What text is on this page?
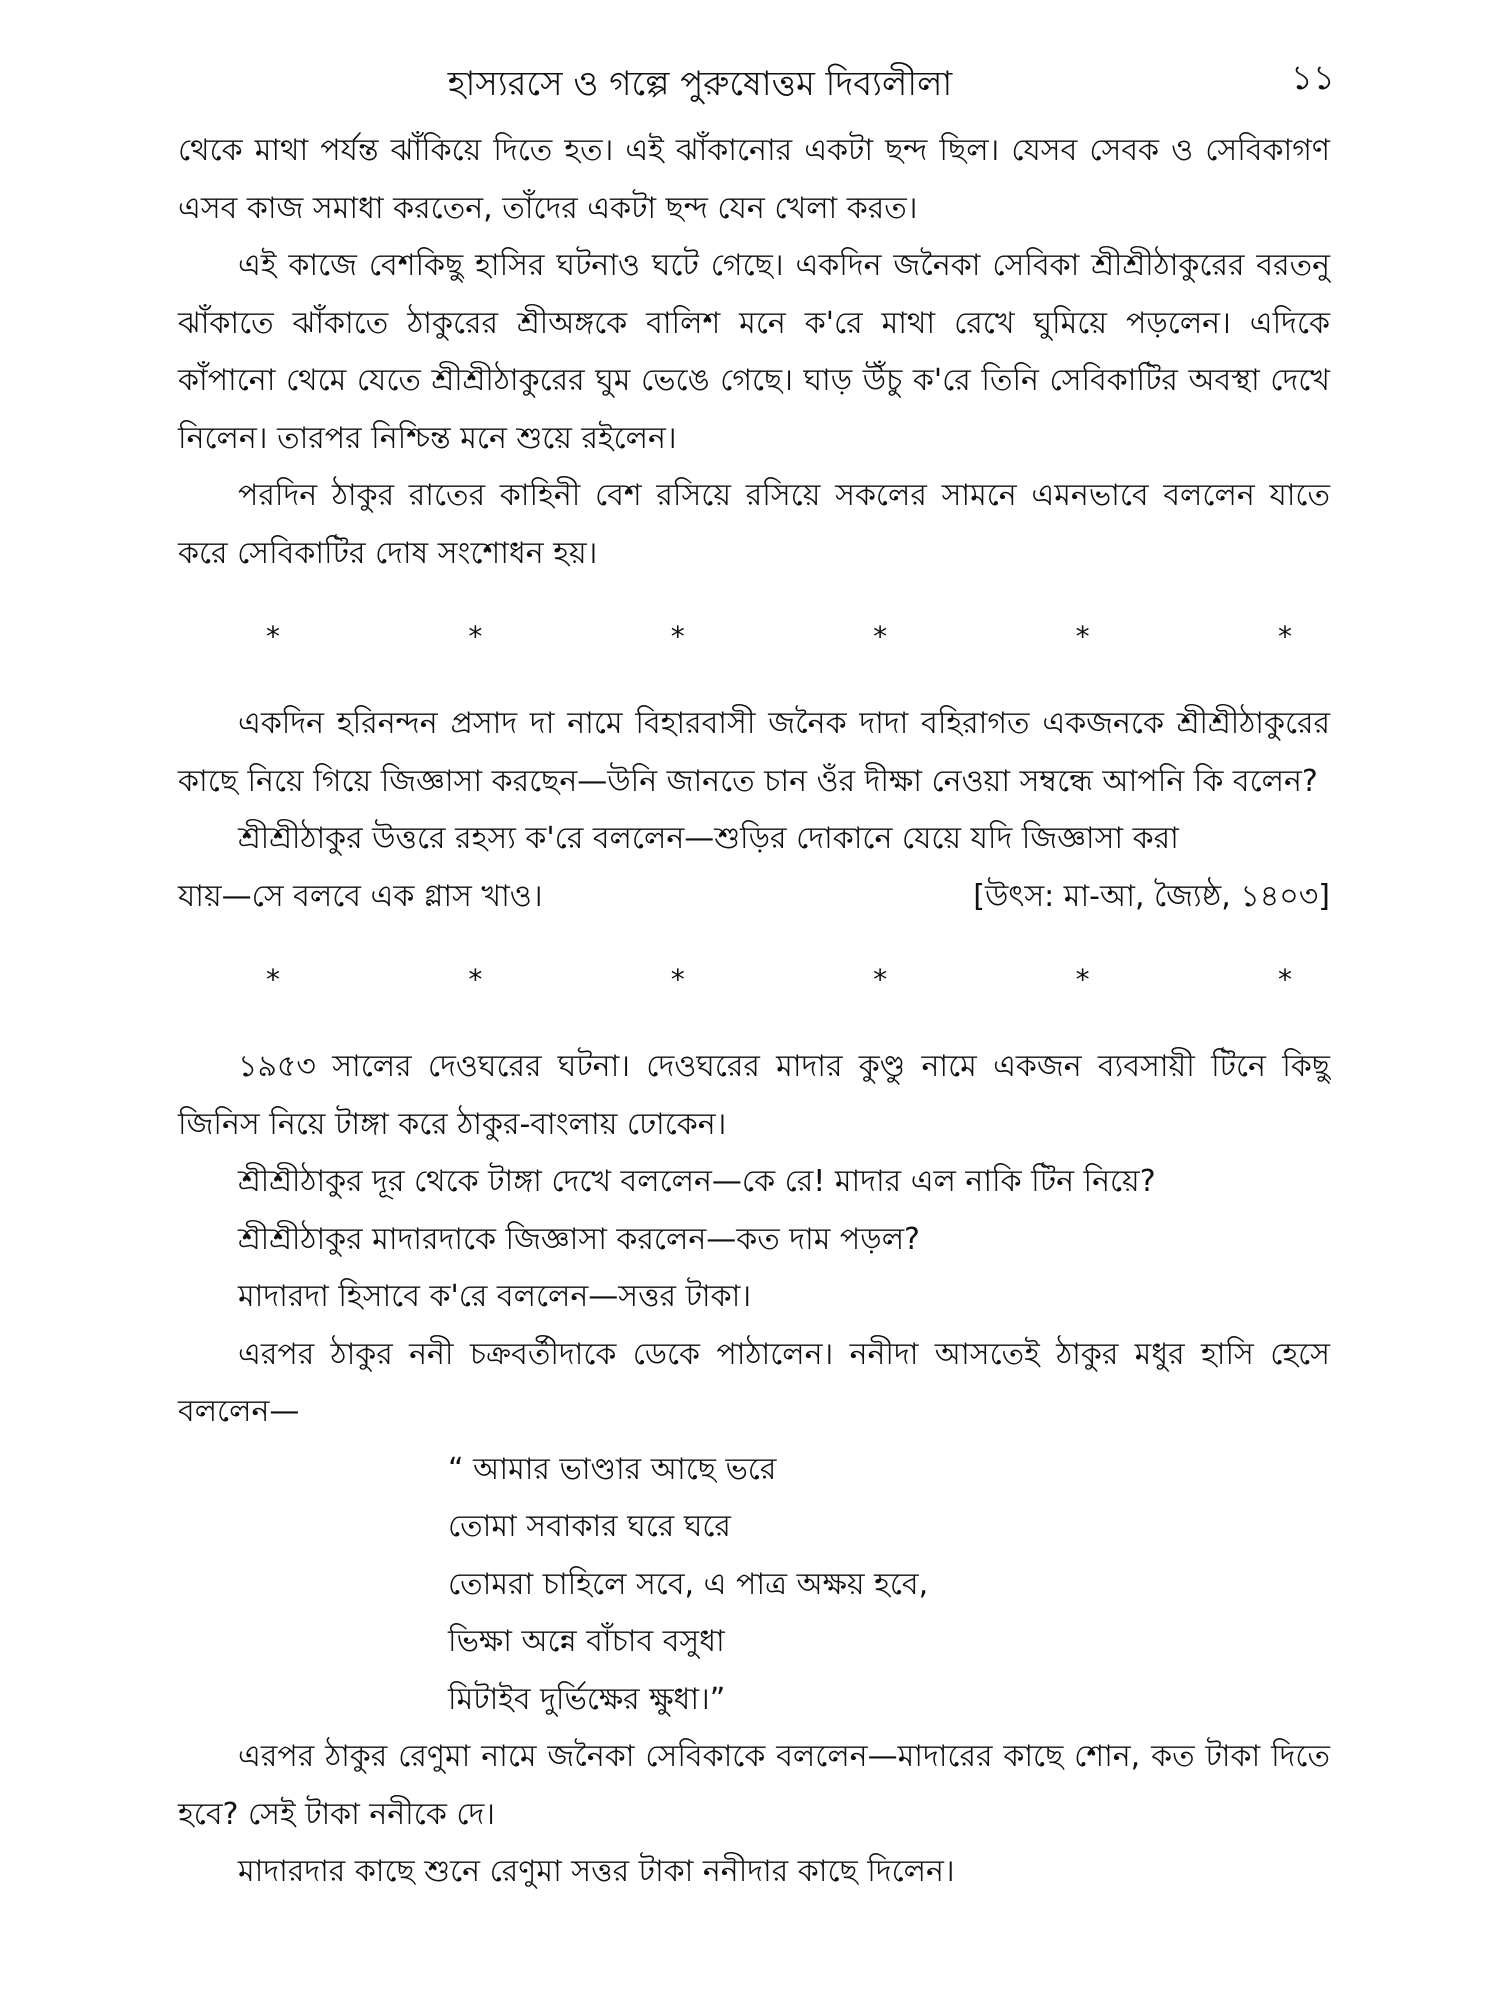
হাস্যরসে ও গল্পে পুরুষোত্তম দিব্যলীলা	১১

থেকে মাথা পর্যন্ত ঝাঁকিয়ে দিতে হত। এই ঝাঁকানোর একটা ছন্দ ছিল। যেসব সেবক ও সেবিকাগণ এসব কাজ সমাধা করতেন, তাঁদের একটা ছন্দ যেন খেলা করত।

এই কাজে বেশকিছু হাসির ঘটনাও ঘটে গেছে। একদিন জনৈকা সেবিকা শ্রীশ্রীঠাকুরের বরতনু ঝাঁকাতে ঝাঁকাতে ঠাকুরের শ্রীঅঙ্গকে বালিশ মনে ক'রে মাথা রেখে ঘুমিয়ে পড়লেন। এদিকে কাঁপানো থেমে যেতে শ্রীশ্রীঠাকুরের ঘুম ভেঙে গেছে। ঘাড় উঁচু ক'রে তিনি সেবিকাটির অবস্থা দেখে নিলেন। তারপর নিশ্চিন্ত মনে শুয়ে রইলেন।

পরদিন ঠাকুর রাতের কাহিনী বেশ রসিয়ে রসিয়ে সকলের সামনে এমনভাবে বললেন যাতে করে সেবিকাটির দোষ সংশোধন হয়।

*	*	*	*	*	*

একদিন হরিনন্দন প্রসাদ দা নামে বিহারবাসী জনৈক দাদা বহিরাগত একজনকে শ্রীশ্রীঠাকুরের কাছে নিয়ে গিয়ে জিজ্ঞাসা করছেন—উনি জানতে চান ওঁর দীক্ষা নেওয়া সম্বন্ধে আপনি কি বলেন?

শ্রীশ্রীঠাকুর উত্তরে রহস্য ক'রে বললেন—শুড়ির দোকানে যেয়ে যদি জিজ্ঞাসা করা

যায়—সে বলবে এক গ্লাস খাও।	[উৎস: মা-আ, জ্যৈষ্ঠ, ১৪০৩]
*	*	*	*	*	*

১৯৫৩ সালের দেওঘরের ঘটনা। দেওঘরের মাদার কুণ্ডু নামে একজন ব্যবসায়ী টিনে কিছু জিনিস নিয়ে টাঙ্গা করে ঠাকুর-বাংলায় ঢোকেন।

শ্রীশ্রীঠাকুর দূর থেকে টাঙ্গা দেখে বললেন—কে রে! মাদার এল নাকি টিন নিয়ে?

শ্রীশ্রীঠাকুর মাদারদাকে জিজ্ঞাসা করলেন—কত দাম পড়ল?

মাদারদা হিসাবে ক'রে বললেন—সত্তর টাকা।

এরপর ঠাকুর ননী চক্রবর্তীদাকে ডেকে পাঠালেন। ননীদা আসতেই ঠাকুর মধুর হাসি হেসে বললেন—

“ আমার ভাণ্ডার আছে ভরে
তোমা সবাকার ঘরে ঘরে
তোমরা চাহিলে সবে, এ পাত্র অক্ষয় হবে,
ভিক্ষা অন্নে বাঁচাব বসুধা
মিটাইব দুর্ভিক্ষের ক্ষুধা।”

এরপর ঠাকুর রেণুমা নামে জনৈকা সেবিকাকে বললেন—মাদারের কাছে শোন, কত টাকা দিতে হবে? সেই টাকা ননীকে দে।

মাদারদার কাছে শুনে রেণুমা সত্তর টাকা ননীদার কাছে দিলেন।
